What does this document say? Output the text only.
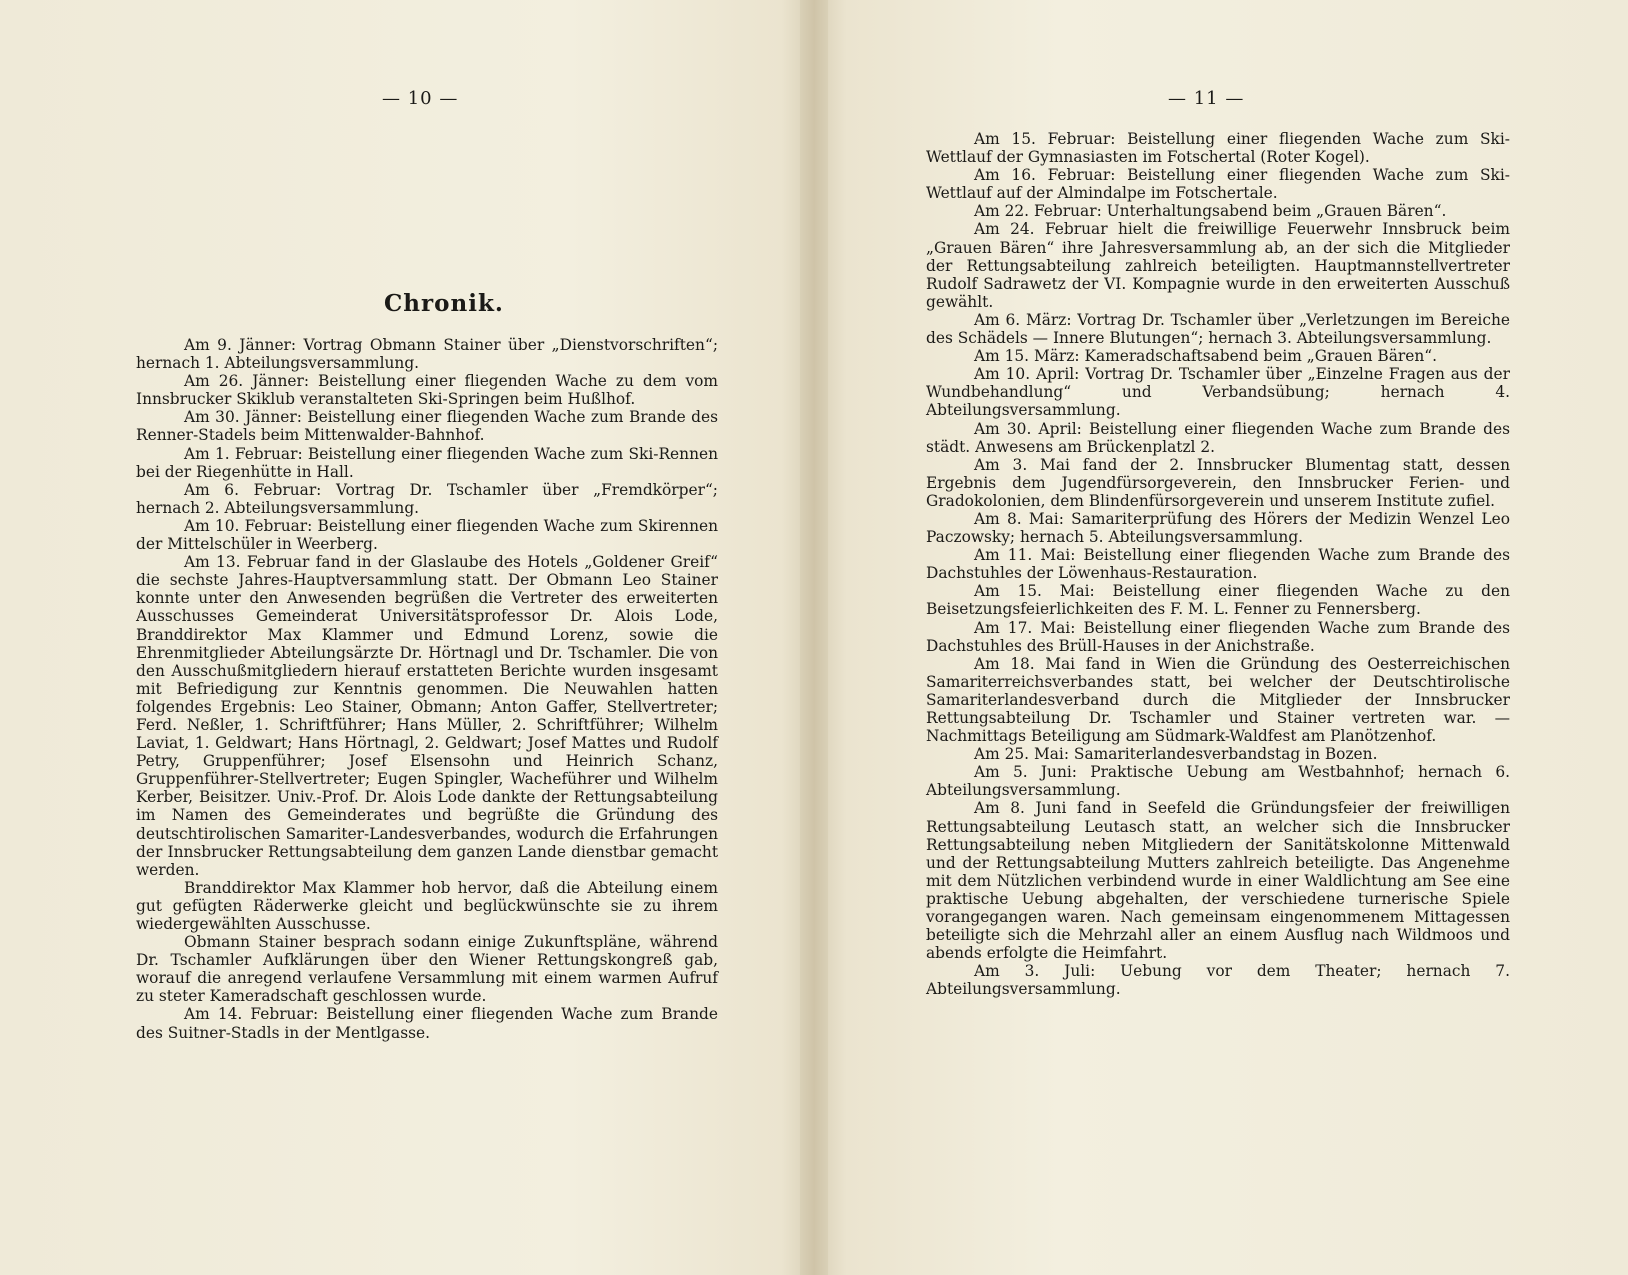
— 10 —
Chronik.

Am 9. Jänner: Vortrag Obmann Stainer über „Dienstvorschriften“; hernach 1. Abteilungsversammlung.

Am 26. Jänner: Beistellung einer fliegenden Wache zu dem vom Innsbrucker Skiklub veranstalteten Ski-Springen beim Hußlhof.

Am 30. Jänner: Beistellung einer fliegenden Wache zum Brande des Renner-Stadels beim Mittenwalder-Bahnhof.

Am 1. Februar: Beistellung einer fliegenden Wache zum Ski-Rennen bei der Riegenhütte in Hall.

Am 6. Februar: Vortrag Dr. Tschamler über „Fremdkörper“; hernach 2. Abteilungsversammlung.

Am 10. Februar: Beistellung einer fliegenden Wache zum Skirennen der Mittelschüler in Weerberg.

Am 13. Februar fand in der Glaslaube des Hotels „Goldener Greif“ die sechste Jahres-Hauptversammlung statt. Der Obmann Leo Stainer konnte unter den Anwesenden begrüßen die Vertreter des erweiterten Ausschusses Gemeinderat Universitätsprofessor Dr. Alois Lode, Branddirektor Max Klammer und Edmund Lorenz, sowie die Ehrenmitglieder Abteilungsärzte Dr. Hörtnagl und Dr. Tschamler. Die von den Ausschußmitgliedern hierauf erstatteten Berichte wurden insgesamt mit Befriedigung zur Kenntnis genommen. Die Neuwahlen hatten folgendes Ergebnis: Leo Stainer, Obmann; Anton Gaffer, Stellvertreter; Ferd. Neßler, 1. Schriftführer; Hans Müller, 2. Schriftführer; Wilhelm Laviat, 1. Geldwart; Hans Hörtnagl, 2. Geldwart; Josef Mattes und Rudolf Petry, Gruppenführer; Josef Elsensohn und Heinrich Schanz, Gruppenführer-Stellvertreter; Eugen Spingler, Wacheführer und Wilhelm Kerber, Beisitzer. Univ.-Prof. Dr. Alois Lode dankte der Rettungsabteilung im Namen des Gemeinderates und begrüßte die Gründung des deutschtirolischen Samariter-Landesverbandes, wodurch die Erfahrungen der Innsbrucker Rettungsabteilung dem ganzen Lande dienstbar gemacht werden.

Branddirektor Max Klammer hob hervor, daß die Abteilung einem gut gefügten Räderwerke gleicht und beglückwünschte sie zu ihrem wiedergewählten Ausschusse.

Obmann Stainer besprach sodann einige Zukunftspläne, während Dr. Tschamler Aufklärungen über den Wiener Rettungskongreß gab, worauf die anregend verlaufene Versammlung mit einem warmen Aufruf zu steter Kameradschaft geschlossen wurde.

Am 14. Februar: Beistellung einer fliegenden Wache zum Brande des Suitner-Stadls in der Mentlgasse.

— 11 —

Am 15. Februar: Beistellung einer fliegenden Wache zum Ski-Wettlauf der Gymnasiasten im Fotschertal (Roter Kogel).

Am 16. Februar: Beistellung einer fliegenden Wache zum Ski-Wettlauf auf der Almindalpe im Fotschertale.

Am 22. Februar: Unterhaltungsabend beim „Grauen Bären“.

Am 24. Februar hielt die freiwillige Feuerwehr Innsbruck beim „Grauen Bären“ ihre Jahresversammlung ab, an der sich die Mitglieder der Rettungsabteilung zahlreich beteiligten. Hauptmannstellvertreter Rudolf Sadrawetz der VI. Kompagnie wurde in den erweiterten Ausschuß gewählt.

Am 6. März: Vortrag Dr. Tschamler über „Verletzungen im Bereiche des Schädels — Innere Blutungen“; hernach 3. Abteilungsversammlung.

Am 15. März: Kameradschaftsabend beim „Grauen Bären“.

Am 10. April: Vortrag Dr. Tschamler über „Einzelne Fragen aus der Wundbehandlung“ und Verbandsübung; hernach 4. Abteilungsversammlung.

Am 30. April: Beistellung einer fliegenden Wache zum Brande des städt. Anwesens am Brückenplatzl 2.

Am 3. Mai fand der 2. Innsbrucker Blumentag statt, dessen Ergebnis dem Jugendfürsorgeverein, den Innsbrucker Ferien- und Gradokolonien, dem Blindenfürsorgeverein und unserem Institute zufiel.

Am 8. Mai: Samariterprüfung des Hörers der Medizin Wenzel Leo Paczowsky; hernach 5. Abteilungsversammlung.

Am 11. Mai: Beistellung einer fliegenden Wache zum Brande des Dachstuhles der Löwenhaus-Restauration.

Am 15. Mai: Beistellung einer fliegenden Wache zu den Beisetzungsfeierlichkeiten des F. M. L. Fenner zu Fennersberg.

Am 17. Mai: Beistellung einer fliegenden Wache zum Brande des Dachstuhles des Brüll-Hauses in der Anichstraße.

Am 18. Mai fand in Wien die Gründung des Oesterreichischen Samariterreichsverbandes statt, bei welcher der Deutschtirolische Samariterlandesverband durch die Mitglieder der Innsbrucker Rettungsabteilung Dr. Tschamler und Stainer vertreten war. — Nachmittags Beteiligung am Südmark-Waldfest am Planötzenhof.

Am 25. Mai: Samariterlandesverbandstag in Bozen.

Am 5. Juni: Praktische Uebung am Westbahnhof; hernach 6. Abteilungsversammlung.

Am 8. Juni fand in Seefeld die Gründungsfeier der freiwilligen Rettungsabteilung Leutasch statt, an welcher sich die Innsbrucker Rettungsabteilung neben Mitgliedern der Sanitätskolonne Mittenwald und der Rettungsabteilung Mutters zahlreich beteiligte. Das Angenehme mit dem Nützlichen verbindend wurde in einer Waldlichtung am See eine praktische Uebung abgehalten, der verschiedene turnerische Spiele vorangegangen waren. Nach gemeinsam eingenommenem Mittagessen beteiligte sich die Mehrzahl aller an einem Ausflug nach Wildmoos und abends erfolgte die Heimfahrt.

Am 3. Juli: Uebung vor dem Theater; hernach 7. Abteilungsversammlung.
